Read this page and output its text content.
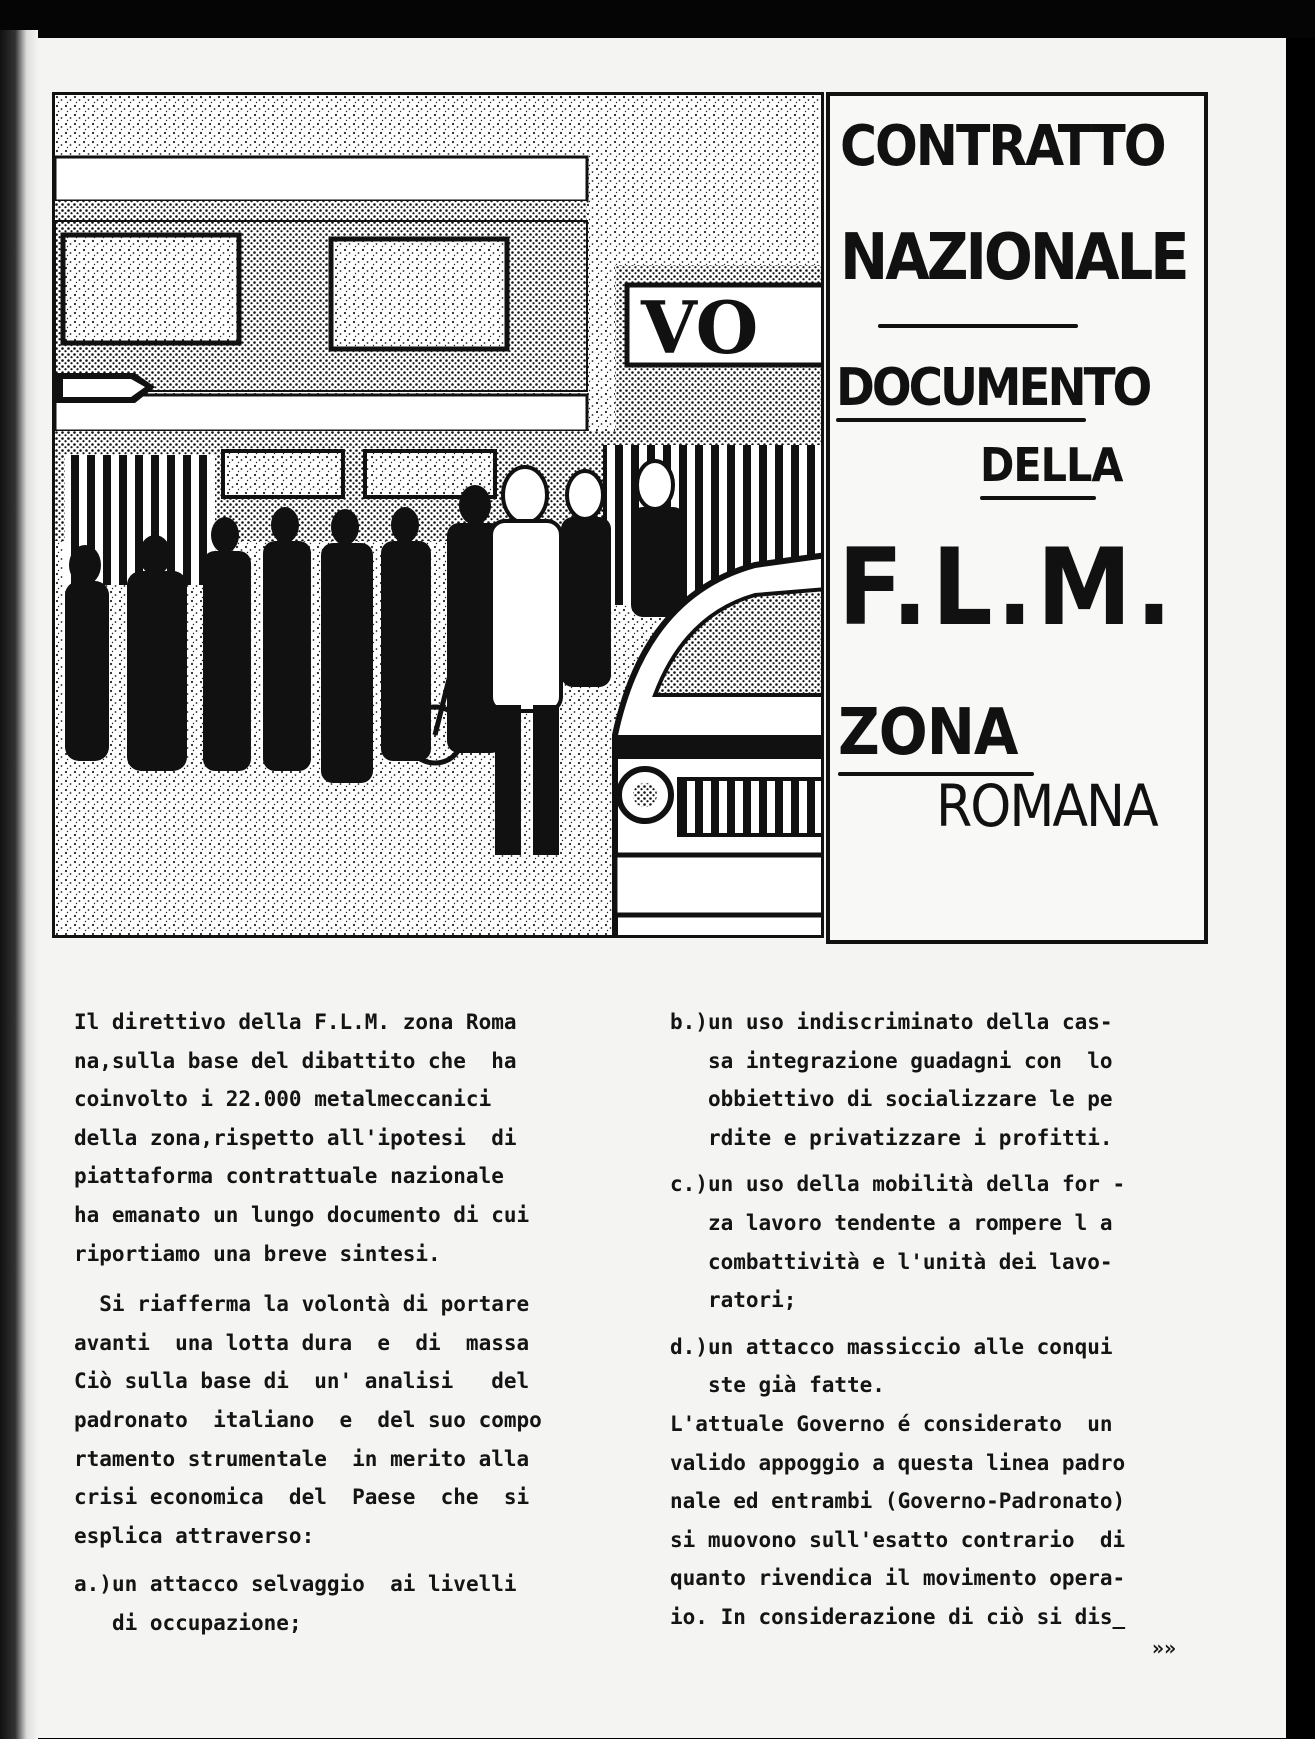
VO
CONTRATTO
NAZIONALE
DOCUMENTO
DELLA
F.L.M.
ZONA
ROMANA

Il direttivo della F.L.M. zona Roma

na,sulla base del dibattito che  ha

coinvolto i 22.000 metalmeccanici

della zona,rispetto all'ipotesi  di

piattaforma contrattuale nazionale

ha emanato un lungo documento di cui

riportiamo una breve sintesi.

Si riafferma la volontà di portare

avanti  una lotta dura  e  di  massa

Ciò sulla base di  un' analisi   del

padronato  italiano  e  del suo compo

rtamento strumentale  in merito alla

crisi economica  del  Paese  che  si

esplica attraverso:

a.) un attacco selvaggio  ai livelli
di occupazione;
b.) un uso indiscriminato della cas-
sa integrazione guadagni con  lo
obbiettivo di socializzare le pe
rdite e privatizzare i profitti.

c.) un uso della mobilità della for -
za lavoro tendente a rompere l a
combattività e l'unità dei lavo-
ratori;

d.) un attacco massiccio alle conqui
ste già fatte.

L'attuale Governo é considerato  un

valido appoggio a questa linea padro

nale ed entrambi (Governo-Padronato)

si muovono sull'esatto contrario  di

quanto rivendica il movimento opera-

io. In considerazione di ciò si dis_

»»
